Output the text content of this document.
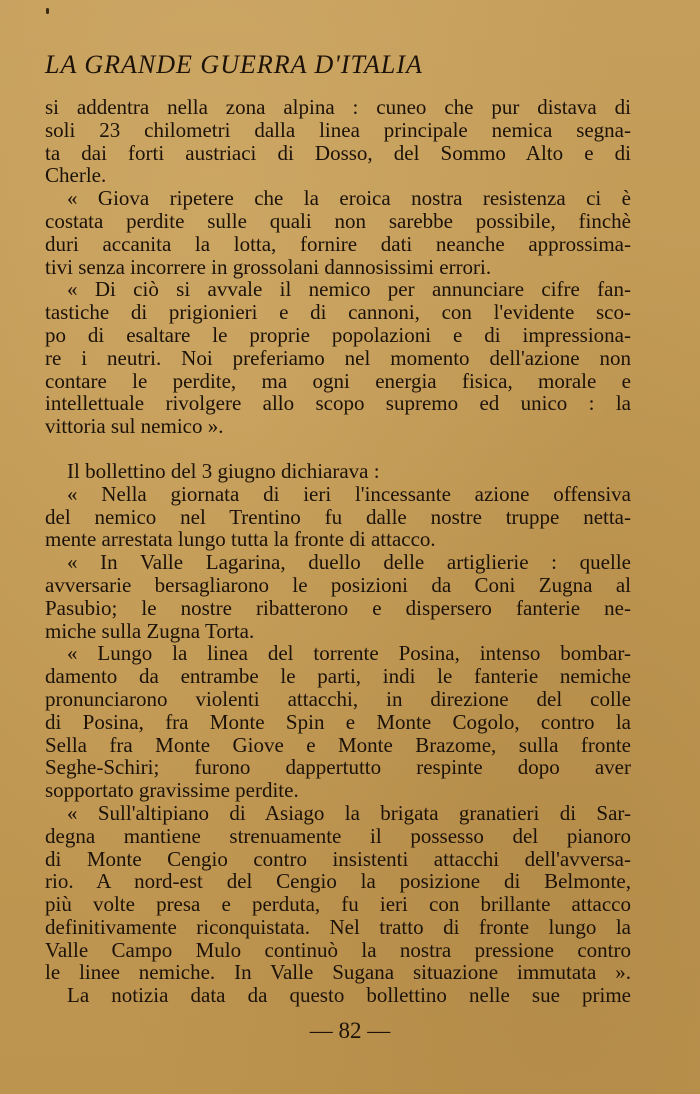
LA GRANDE GUERRA D'ITALIA
si addentra nella zona alpina : cuneo che pur distava di
soli 23 chilometri dalla linea principale nemica segna-
ta dai forti austriaci di Dosso, del Sommo Alto e di
Cherle.
« Giova ripetere che la eroica nostra resistenza ci è
costata perdite sulle quali non sarebbe possibile, finchè
duri accanita la lotta, fornire dati neanche approssima-
tivi senza incorrere in grossolani dannosissimi errori.
« Di ciò si avvale il nemico per annunciare cifre fan-
tastiche di prigionieri e di cannoni, con l'evidente sco-
po di esaltare le proprie popolazioni e di impressiona-
re i neutri. Noi preferiamo nel momento dell'azione non
contare le perdite, ma ogni energia fisica, morale e
intellettuale rivolgere allo scopo supremo ed unico : la
vittoria sul nemico ».
Il bollettino del 3 giugno dichiarava :
« Nella giornata di ieri l'incessante azione offensiva
del nemico nel Trentino fu dalle nostre truppe netta-
mente arrestata lungo tutta la fronte di attacco.
« In Valle Lagarina, duello delle artiglierie : quelle
avversarie bersagliarono le posizioni da Coni Zugna al
Pasubio; le nostre ribatterono e dispersero fanterie ne-
miche sulla Zugna Torta.
« Lungo la linea del torrente Posina, intenso bombar-
damento da entrambe le parti, indi le fanterie nemiche
pronunciarono violenti attacchi, in direzione del colle
di Posina, fra Monte Spin e Monte Cogolo, contro la
Sella fra Monte Giove e Monte Brazome, sulla fronte
Seghe-Schiri; furono dappertutto respinte dopo aver
sopportato gravissime perdite.
« Sull'altipiano di Asiago la brigata granatieri di Sar-
degna mantiene strenuamente il possesso del pianoro
di Monte Cengio contro insistenti attacchi dell'avversa-
rio. A nord-est del Cengio la posizione di Belmonte,
più volte presa e perduta, fu ieri con brillante attacco
definitivamente riconquistata. Nel tratto di fronte lungo la
Valle Campo Mulo continuò la nostra pressione contro
le linee nemiche. In Valle Sugana situazione immutata ».
La notizia data da questo bollettino nelle sue prime
— 82 —
